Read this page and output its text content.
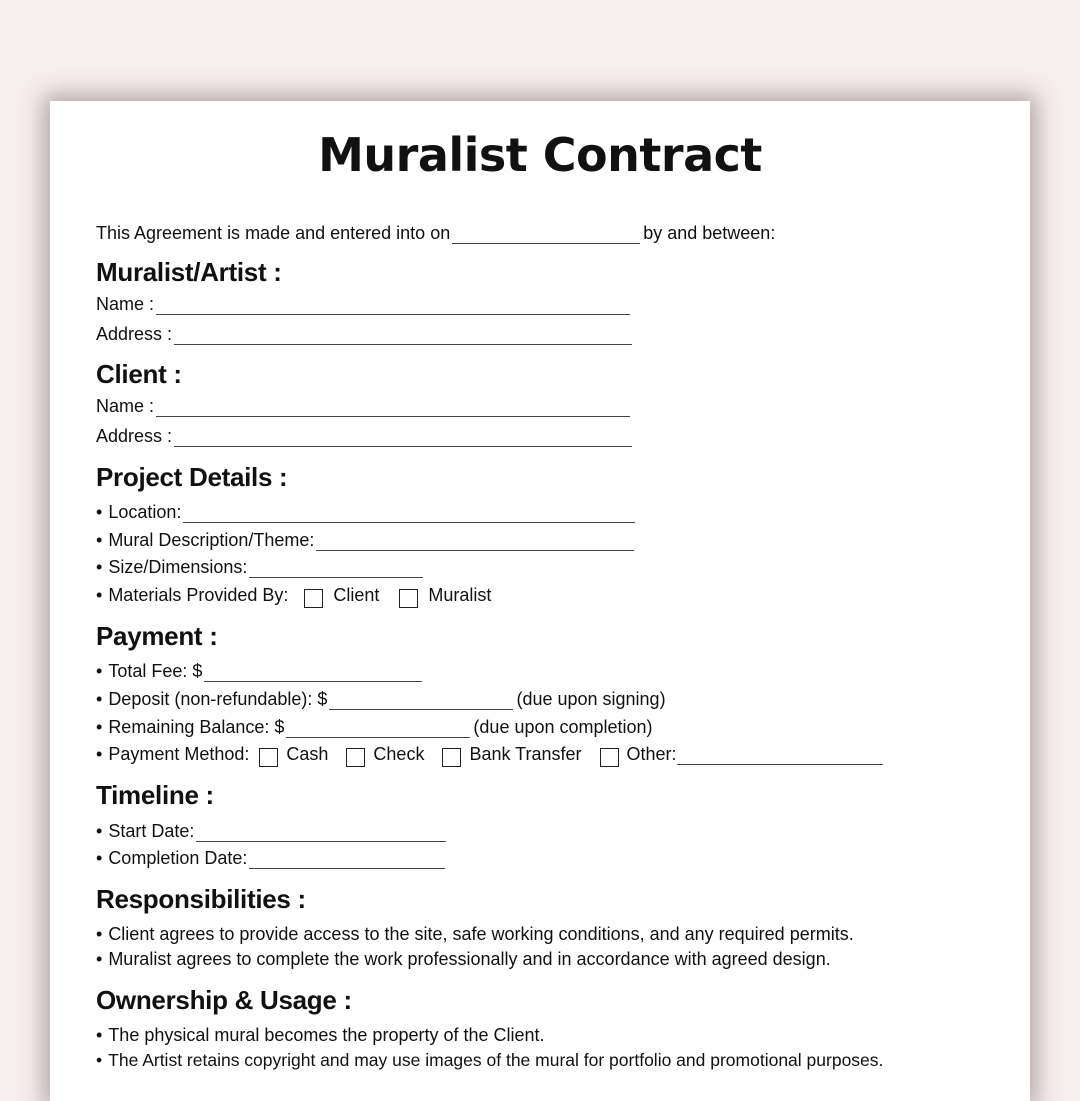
Muralist Contract
This Agreement is made and entered into on	by and between:
Muralist/Artist :
Name :
Address :
Client :
Name :
Address :
Project Details :
• Location:
• Mural Description/Theme:
• Size/Dimensions:
• Materials Provided By:	Client	Muralist
Payment :
• Total Fee: $
• Deposit (non-refundable): $	(due upon signing)
• Remaining Balance: $	(due upon completion)
• Payment Method: Cash	Check	Bank Transfer	Other:
Timeline :
• Start Date:
• Completion Date:
Responsibilities :
• Client agrees to provide access to the site, safe working conditions, and any required permits.
• Muralist agrees to complete the work professionally and in accordance with agreed design.
Ownership & Usage :
• The physical mural becomes the property of the Client.
• The Artist retains copyright and may use images of the mural for portfolio and promotional purposes.
